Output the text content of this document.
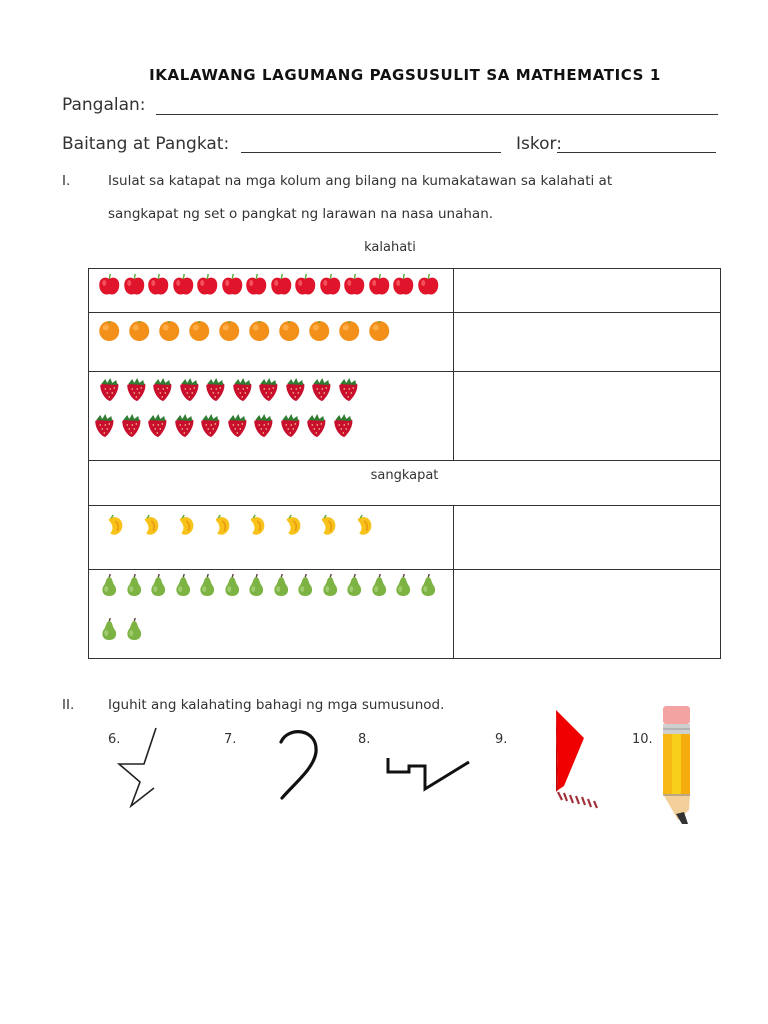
IKALAWANG LAGUMANG PAGSUSULIT SA MATHEMATICS 1
Pangalan:
Baitang at Pangkat:	Iskor:
I.	Isulat sa katapat na mga kolum ang bilang na kumakatawan sa kalahati at
sangkapat ng set o pangkat ng larawan na nasa unahan.
kalahati

sangkapat	

II. Iguhit ang kalahating bahagi ng mga sumusunod.
6.	7.	8.	9.	10.
